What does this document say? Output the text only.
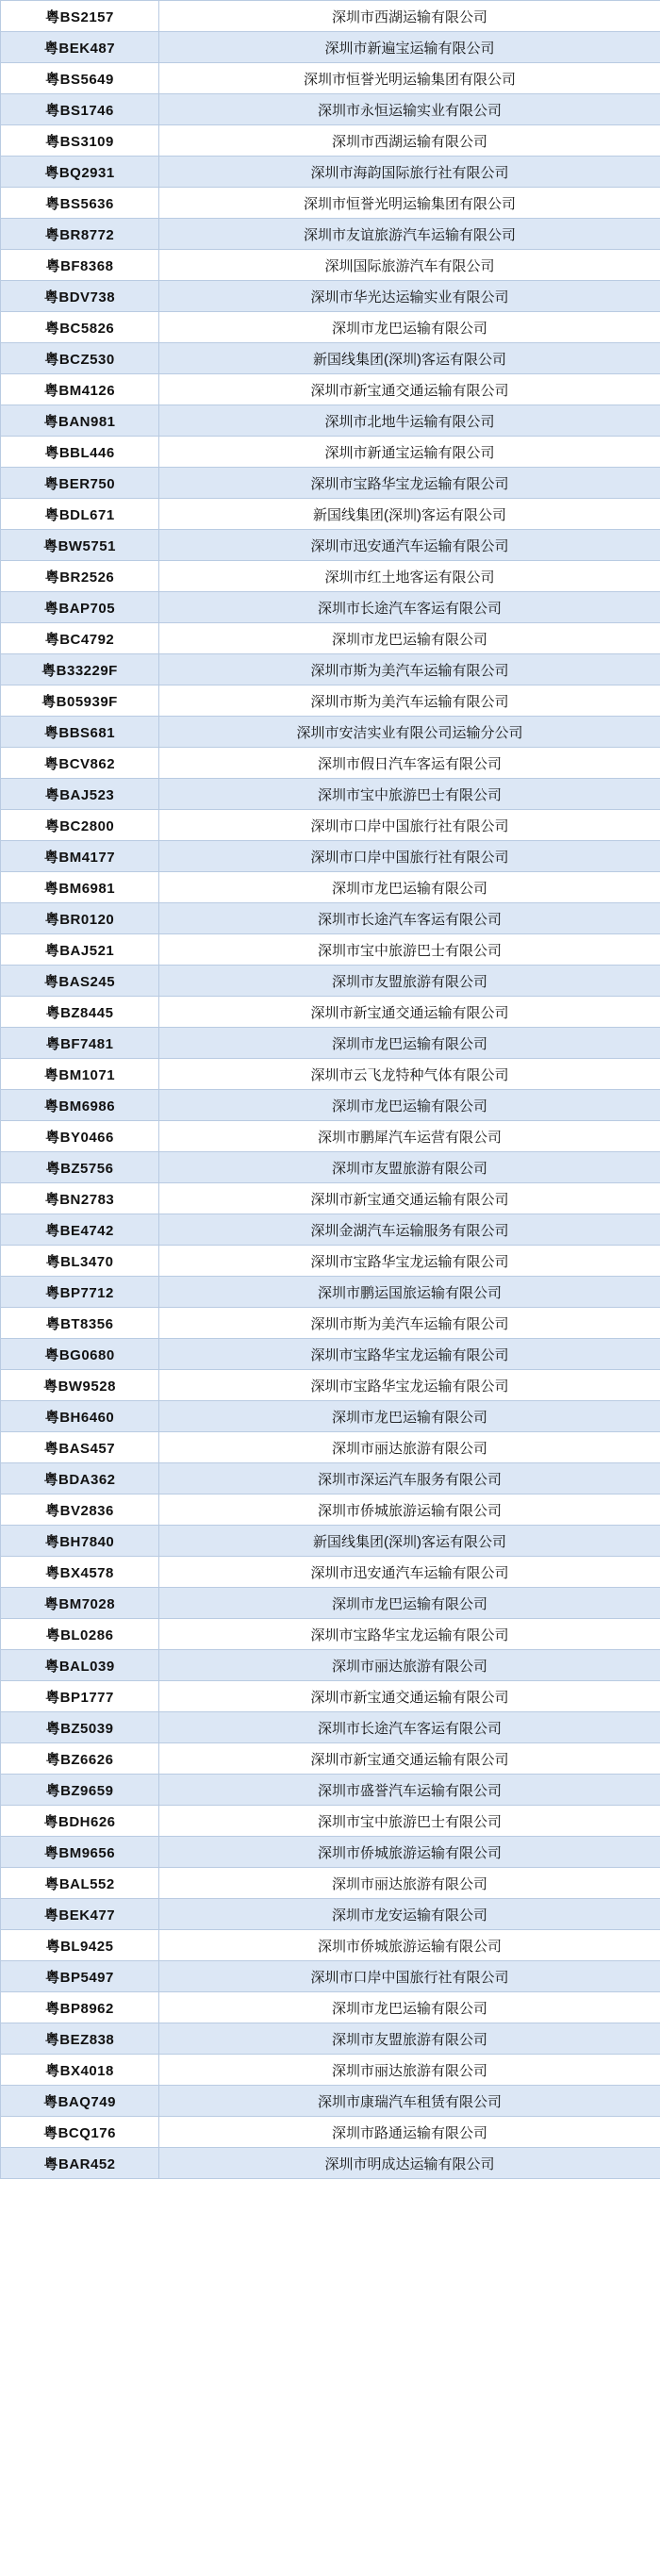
粤BS2157	深圳市西湖运输有限公司
粤BEK487	深圳市新遍宝运输有限公司
粤BS5649	深圳市恒誉光明运输集团有限公司
粤BS1746	深圳市永恒运输实业有限公司
粤BS3109	深圳市西湖运输有限公司
粤BQ2931	深圳市海韵国际旅行社有限公司
粤BS5636	深圳市恒誉光明运输集团有限公司
粤BR8772	深圳市友谊旅游汽车运输有限公司
粤BF8368	深圳国际旅游汽车有限公司
粤BDV738	深圳市华光达运输实业有限公司
粤BC5826	深圳市龙巴运输有限公司
粤BCZ530	新国线集团(深圳)客运有限公司
粤BM4126	深圳市新宝通交通运输有限公司
粤BAN981	深圳市北地牛运输有限公司
粤BBL446	深圳市新通宝运输有限公司
粤BER750	深圳市宝路华宝龙运输有限公司
粤BDL671	新国线集团(深圳)客运有限公司
粤BW5751	深圳市迅安通汽车运输有限公司
粤BR2526	深圳市红土地客运有限公司
粤BAP705	深圳市长途汽车客运有限公司
粤BC4792	深圳市龙巴运输有限公司
粤B33229F	深圳市斯为美汽车运输有限公司
粤B05939F	深圳市斯为美汽车运输有限公司
粤BBS681	深圳市安洁实业有限公司运输分公司
粤BCV862	深圳市假日汽车客运有限公司
粤BAJ523	深圳市宝中旅游巴士有限公司
粤BC2800	深圳市口岸中国旅行社有限公司
粤BM4177	深圳市口岸中国旅行社有限公司
粤BM6981	深圳市龙巴运输有限公司
粤BR0120	深圳市长途汽车客运有限公司
粤BAJ521	深圳市宝中旅游巴士有限公司
粤BAS245	深圳市友盟旅游有限公司
粤BZ8445	深圳市新宝通交通运输有限公司
粤BF7481	深圳市龙巴运输有限公司
粤BM1071	深圳市云飞龙特种气体有限公司
粤BM6986	深圳市龙巴运输有限公司
粤BY0466	深圳市鹏犀汽车运营有限公司
粤BZ5756	深圳市友盟旅游有限公司
粤BN2783	深圳市新宝通交通运输有限公司
粤BE4742	深圳金湖汽车运输服务有限公司
粤BL3470	深圳市宝路华宝龙运输有限公司
粤BP7712	深圳市鹏运国旅运输有限公司
粤BT8356	深圳市斯为美汽车运输有限公司
粤BG0680	深圳市宝路华宝龙运输有限公司
粤BW9528	深圳市宝路华宝龙运输有限公司
粤BH6460	深圳市龙巴运输有限公司
粤BAS457	深圳市丽达旅游有限公司
粤BDA362	深圳市深运汽车服务有限公司
粤BV2836	深圳市侨城旅游运输有限公司
粤BH7840	新国线集团(深圳)客运有限公司
粤BX4578	深圳市迅安通汽车运输有限公司
粤BM7028	深圳市龙巴运输有限公司
粤BL0286	深圳市宝路华宝龙运输有限公司
粤BAL039	深圳市丽达旅游有限公司
粤BP1777	深圳市新宝通交通运输有限公司
粤BZ5039	深圳市长途汽车客运有限公司
粤BZ6626	深圳市新宝通交通运输有限公司
粤BZ9659	深圳市盛誉汽车运输有限公司
粤BDH626	深圳市宝中旅游巴士有限公司
粤BM9656	深圳市侨城旅游运输有限公司
粤BAL552	深圳市丽达旅游有限公司
粤BEK477	深圳市龙安运输有限公司
粤BL9425	深圳市侨城旅游运输有限公司
粤BP5497	深圳市口岸中国旅行社有限公司
粤BP8962	深圳市龙巴运输有限公司
粤BEZ838	深圳市友盟旅游有限公司
粤BX4018	深圳市丽达旅游有限公司
粤BAQ749	深圳市康瑞汽车租赁有限公司
粤BCQ176	深圳市路通运输有限公司
粤BAR452	深圳市明成达运输有限公司
